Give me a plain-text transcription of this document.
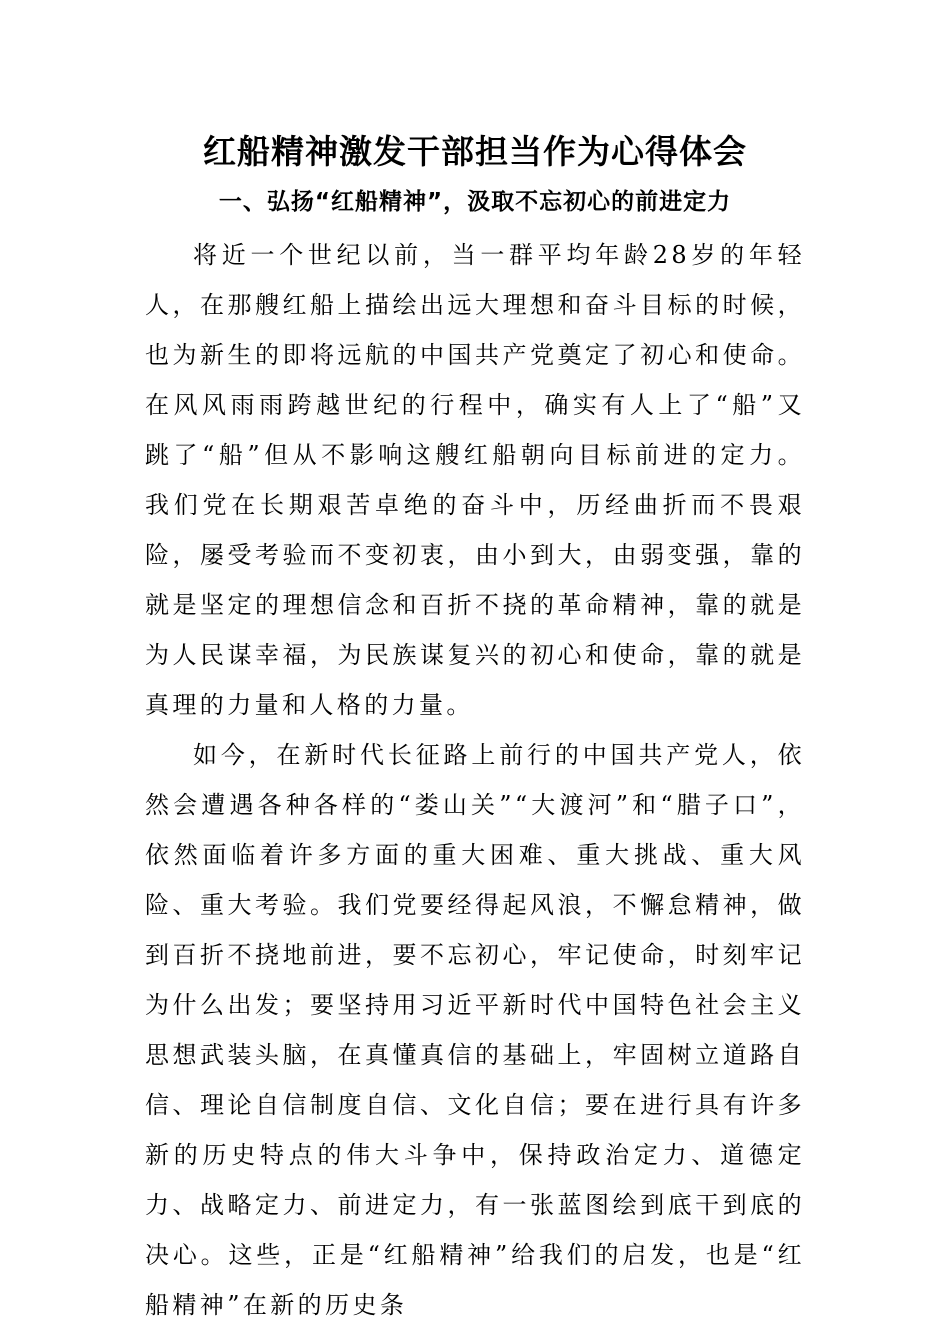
红船精神激发干部担当作为心得体会
一、弘扬“红船精神”，汲取不忘初心的前进定力

将近一个世纪以前，当一群平均年龄28岁的年轻人，在那艘红船上描绘出远大理想和奋斗目标的时候，也为新生的即将远航的中国共产党奠定了初心和使命。在风风雨雨跨越世纪的行程中，确实有人上了“船”又跳了“船”但从不影响这艘红船朝向目标前进的定力。我们党在长期艰苦卓绝的奋斗中，历经曲折而不畏艰险，屡受考验而不变初衷，由小到大，由弱变强，靠的就是坚定的理想信念和百折不挠的革命精神，靠的就是为人民谋幸福，为民族谋复兴的初心和使命，靠的就是真理的力量和人格的力量。

如今，在新时代长征路上前行的中国共产党人，依然会遭遇各种各样的“娄山关”“大渡河”和“腊子口”，依然面临着许多方面的重大困难、重大挑战、重大风险、重大考验。我们党要经得起风浪，不懈怠精神，做到百折不挠地前进，要不忘初心，牢记使命，时刻牢记为什么出发；要坚持用习近平新时代中国特色社会主义思想武装头脑，在真懂真信的基础上，牢固树立道路自信、理论自信制度自信、文化自信；要在进行具有许多新的历史特点的伟大斗争中，保持政治定力、道德定力、战略定力、前进定力，有一张蓝图绘到底干到底的决心。这些，正是“红船精神”给我们的启发，也是“红船精神”在新的历史条
